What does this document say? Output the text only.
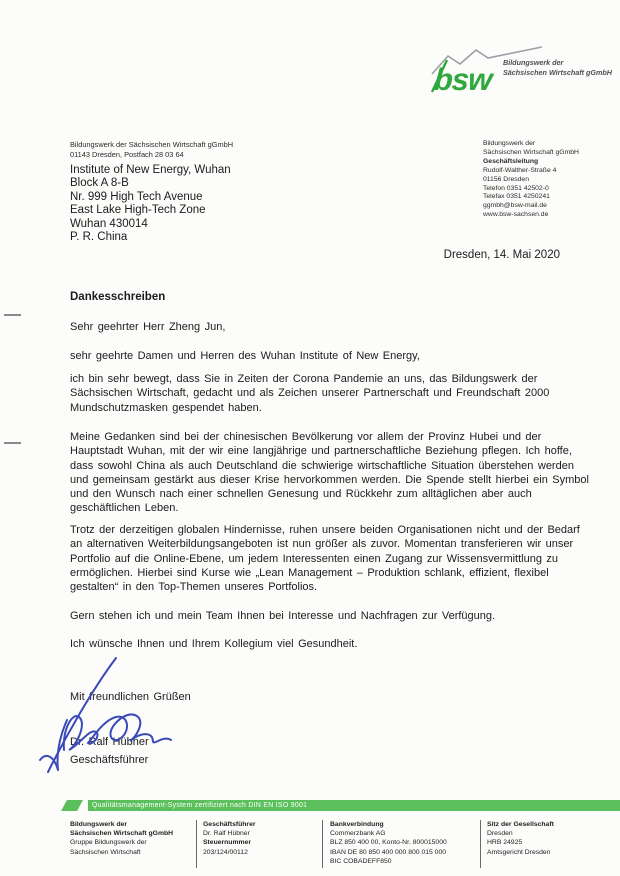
bsw Bildungswerk der
Sächsischen Wirtschaft gGmbH
Bildungswerk der Sächsischen Wirtschaft gGmbH
01143 Dresden, Postfach 28 03 64
Institute of New Energy, Wuhan
Block A 8-B
Nr. 999 High Tech Avenue
East Lake High-Tech Zone
Wuhan 430014
P. R. China
Bildungswerk der
Sächsischen Wirtschaft gGmbH
Geschäftsleitung
Rudolf-Walther-Straße 4
01156 Dresden
Telefon 0351 42502-0
Telefax 0351 4250241
ggmbh@bsw-mail.de
www.bsw-sachsen.de
Dresden, 14. Mai 2020
Dankesschreiben
Sehr geehrter Herr Zheng Jun,
sehr geehrte Damen und Herren des Wuhan Institute of New Energy,
ich bin sehr bewegt, dass Sie in Zeiten der Corona Pandemie an uns, das Bildungswerk der Sächsischen Wirtschaft, gedacht und als Zeichen unserer Partnerschaft und Freundschaft 2000 Mundschutzmasken gespendet haben.
Meine Gedanken sind bei der chinesischen Bevölkerung vor allem der Provinz Hubei und der Hauptstadt Wuhan, mit der wir eine langjährige und partnerschaftliche Beziehung pflegen. Ich hoffe, dass sowohl China als auch Deutschland die schwierige wirtschaftliche Situation überstehen werden und gemeinsam gestärkt aus dieser Krise hervorkommen werden. Die Spende stellt hierbei ein Symbol und den Wunsch nach einer schnellen Genesung und Rückkehr zum alltäglichen aber auch geschäftlichen Leben.
Trotz der derzeitigen globalen Hindernisse, ruhen unsere beiden Organisationen nicht und der Bedarf an alternativen Weiterbildungsangeboten ist nun größer als zuvor. Momentan transferieren wir unser Portfolio auf die Online-Ebene, um jedem Interessenten einen Zugang zur Wissensvermittlung zu ermöglichen. Hierbei sind Kurse wie „Lean Management – Produktion schlank, effizient, flexibel gestalten“ in den Top-Themen unseres Portfolios.
Gern stehen ich und mein Team Ihnen bei Interesse und Nachfragen zur Verfügung.
Ich wünsche Ihnen und Ihrem Kollegium viel Gesundheit.
Mit freundlichen Grüßen
Dr. Ralf Hübner
Geschäftsführer
Qualitätsmanagement-System zertifiziert nach DIN EN ISO 9001
Bildungswerk der
Sächsischen Wirtschaft gGmbH
Gruppe Bildungswerk der
Sächsischen Wirtschaft
Geschäftsführer
Dr. Ralf Hübner
Steuernummer
203/124/00112
Bankverbindung
Commerzbank AG
BLZ 850 400 00, Konto-Nr. 800015000
IBAN DE 80 850 400 000 800 015 000
BIC COBADEFF850
Sitz der Gesellschaft
Dresden
HRB 24925
Amtsgericht Dresden
